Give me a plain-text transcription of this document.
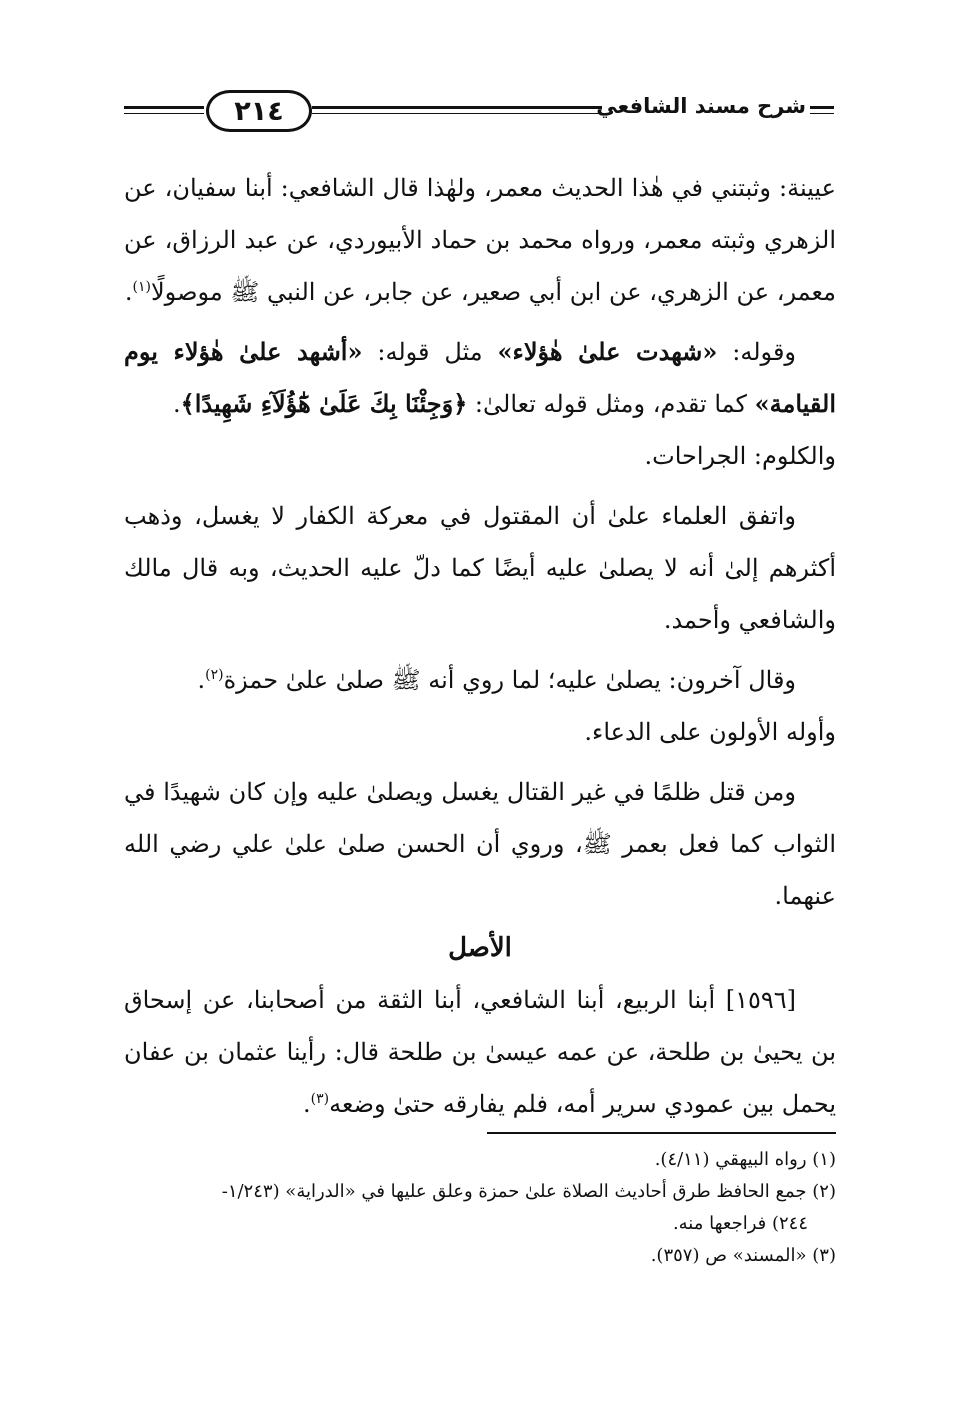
٢١٤	شرح مسند الشافعي

عيينة: وثبتني في هٰذا الحديث معمر، ولهٰذا قال الشافعي: أبنا سفيان، عن الزهري وثبته معمر، ورواه محمد بن حماد الأبيوردي، عن عبد الرزاق، عن معمر، عن الزهري، عن ابن أبي صعير، عن جابر، عن النبي ﷺ موصولًا$^{(١)}$.

وقوله: «شهدت علىٰ هٰؤلاء» مثل قوله: «أشهد علىٰ هٰؤلاء يوم القيامة» كما تقدم، ومثل قوله تعالىٰ: ﴿وَجِئْنَا بِكَ عَلَىٰ هَٰٓؤُلَآءِ شَهِيدًا﴾.

والكلوم: الجراحات.

واتفق العلماء علىٰ أن المقتول في معركة الكفار لا يغسل، وذهب أكثرهم إلىٰ أنه لا يصلىٰ عليه أيضًا كما دلّ عليه الحديث، وبه قال مالك والشافعي وأحمد.

وقال آخرون: يصلىٰ عليه؛ لما روي أنه ﷺ صلىٰ علىٰ حمزة$^{(٢)}$.

وأوله الأولون على الدعاء.

ومن قتل ظلمًا في غير القتال يغسل ويصلىٰ عليه وإن كان شهيدًا في الثواب كما فعل بعمر ﷺ، وروي أن الحسن صلىٰ علىٰ علي رضي الله عنهما.

الأصل

[١٥٩٦] أبنا الربيع، أبنا الشافعي، أبنا الثقة من أصحابنا، عن إسحاق بن يحيىٰ بن طلحة، عن عمه عيسىٰ بن طلحة قال: رأينا عثمان بن عفان يحمل بين عمودي سرير أمه، فلم يفارقه حتىٰ وضعه$^{(٣)}$.

(١) رواه البيهقي (٤/١١).

(٢) جمع الحافظ طرق أحاديث الصلاة علىٰ حمزة وعلق عليها في «الدراية» (١/٢٤٣-

٢٤٤) فراجعها منه.

(٣) «المسند» ص (٣٥٧).
